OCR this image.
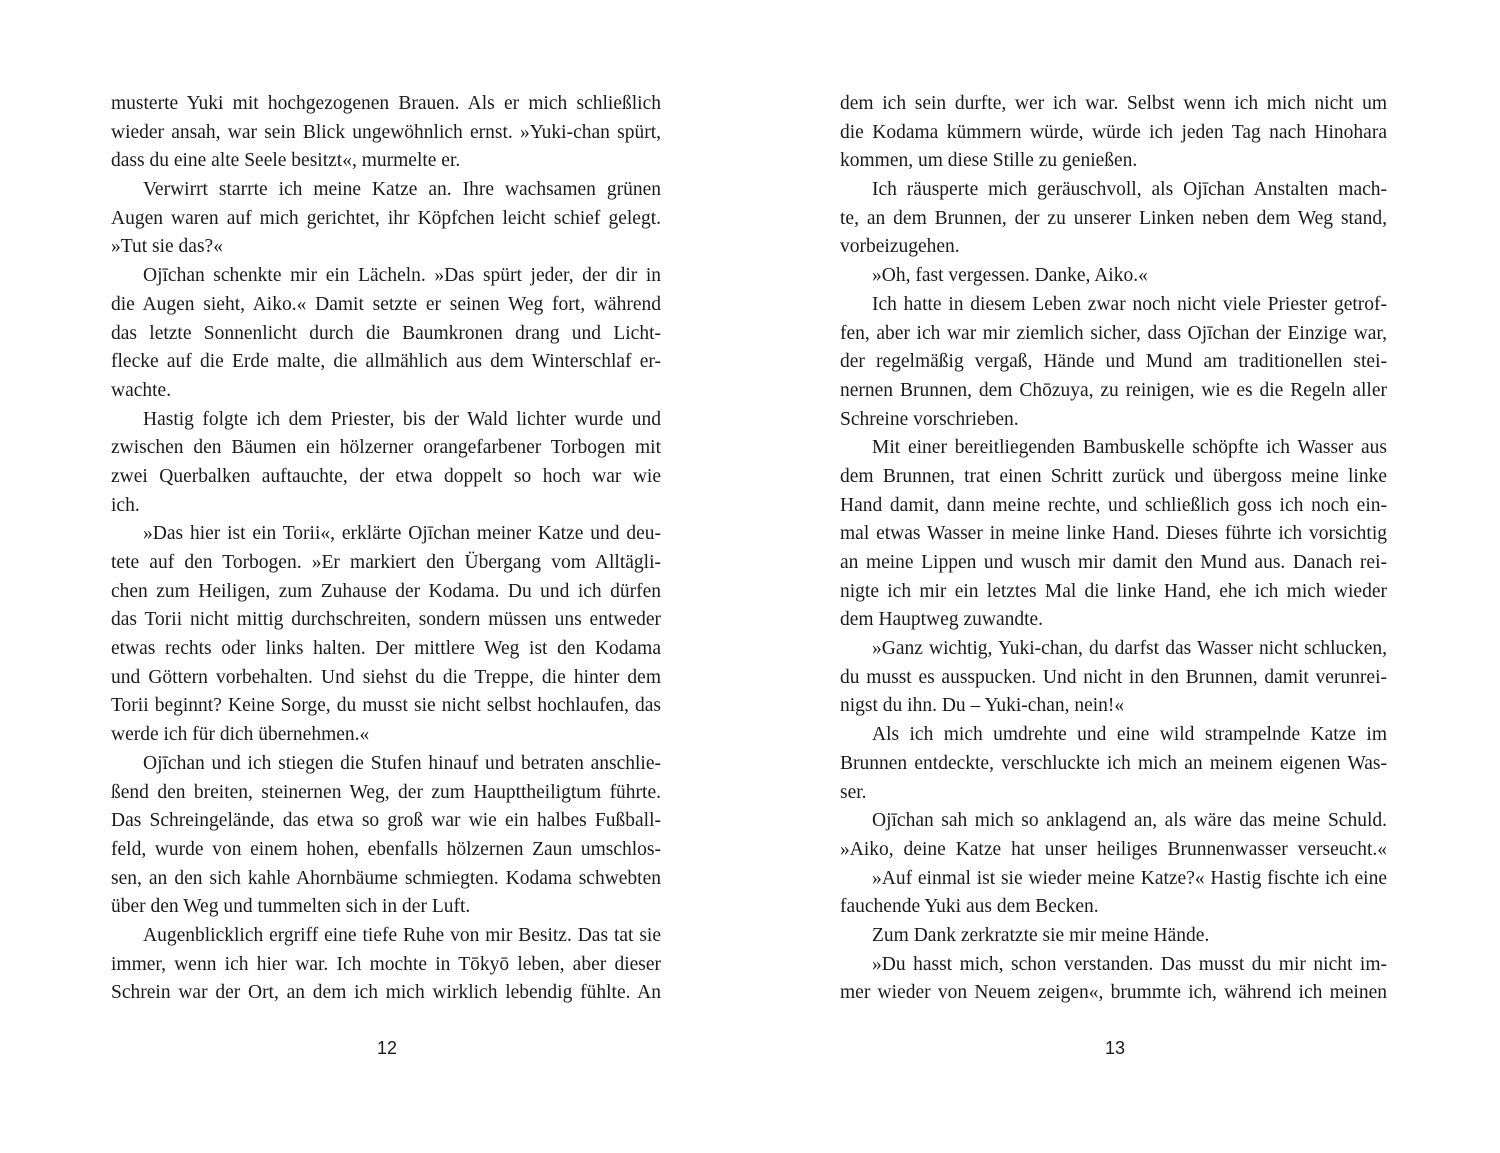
musterte Yuki mit hochgezogenen Brauen. Als er mich schließlich
wieder ansah, war sein Blick ungewöhnlich ernst. »Yuki-chan spürt,
dass du eine alte Seele besitzt«, murmelte er.
Verwirrt starrte ich meine Katze an. Ihre wachsamen grünen
Augen waren auf mich gerichtet, ihr Köpfchen leicht schief gelegt.
»Tut sie das?«
Ojīchan schenkte mir ein Lächeln. »Das spürt jeder, der dir in
die Augen sieht, Aiko.« Damit setzte er seinen Weg fort, während
das letzte Sonnenlicht durch die Baumkronen drang und Licht-
flecke auf die Erde malte, die allmählich aus dem Winterschlaf er-
wachte.
Hastig folgte ich dem Priester, bis der Wald lichter wurde und
zwischen den Bäumen ein hölzerner orangefarbener Torbogen mit
zwei Querbalken auftauchte, der etwa doppelt so hoch war wie
ich.
»Das hier ist ein Torii«, erklärte Ojīchan meiner Katze und deu-
tete auf den Torbogen. »Er markiert den Übergang vom Alltägli-
chen zum Heiligen, zum Zuhause der Kodama. Du und ich dürfen
das Torii nicht mittig durchschreiten, sondern müssen uns entweder
etwas rechts oder links halten. Der mittlere Weg ist den Kodama
und Göttern vorbehalten. Und siehst du die Treppe, die hinter dem
Torii beginnt? Keine Sorge, du musst sie nicht selbst hochlaufen, das
werde ich für dich übernehmen.«
Ojīchan und ich stiegen die Stufen hinauf und betraten anschlie-
ßend den breiten, steinernen Weg, der zum Haupttheiligtum führte.
Das Schreingelände, das etwa so groß war wie ein halbes Fußball-
feld, wurde von einem hohen, ebenfalls hölzernen Zaun umschlos-
sen, an den sich kahle Ahornbäume schmiegten. Kodama schwebten
über den Weg und tummelten sich in der Luft.
Augenblicklich ergriff eine tiefe Ruhe von mir Besitz. Das tat sie
immer, wenn ich hier war. Ich mochte in Tōkyō leben, aber dieser
Schrein war der Ort, an dem ich mich wirklich lebendig fühlte. An
12
dem ich sein durfte, wer ich war. Selbst wenn ich mich nicht um
die Kodama kümmern würde, würde ich jeden Tag nach Hinohara
kommen, um diese Stille zu genießen.
Ich räusperte mich geräuschvoll, als Ojīchan Anstalten mach-
te, an dem Brunnen, der zu unserer Linken neben dem Weg stand,
vorbeizugehen.
»Oh, fast vergessen. Danke, Aiko.«
Ich hatte in diesem Leben zwar noch nicht viele Priester getrof-
fen, aber ich war mir ziemlich sicher, dass Ojīchan der Einzige war,
der regelmäßig vergaß, Hände und Mund am traditionellen stei-
nernen Brunnen, dem Chōzuya, zu reinigen, wie es die Regeln aller
Schreine vorschrieben.
Mit einer bereitliegenden Bambuskelle schöpfte ich Wasser aus
dem Brunnen, trat einen Schritt zurück und übergoss meine linke
Hand damit, dann meine rechte, und schließlich goss ich noch ein-
mal etwas Wasser in meine linke Hand. Dieses führte ich vorsichtig
an meine Lippen und wusch mir damit den Mund aus. Danach rei-
nigte ich mir ein letztes Mal die linke Hand, ehe ich mich wieder
dem Hauptweg zuwandte.
»Ganz wichtig, Yuki-chan, du darfst das Wasser nicht schlucken,
du musst es ausspucken. Und nicht in den Brunnen, damit verunrei-
nigst du ihn. Du – Yuki-chan, nein!«
Als ich mich umdrehte und eine wild strampelnde Katze im
Brunnen entdeckte, verschluckte ich mich an meinem eigenen Was-
ser.
Ojīchan sah mich so anklagend an, als wäre das meine Schuld.
»Aiko, deine Katze hat unser heiliges Brunnenwasser verseucht.«
»Auf einmal ist sie wieder meine Katze?« Hastig fischte ich eine
fauchende Yuki aus dem Becken.
Zum Dank zerkratzte sie mir meine Hände.
»Du hasst mich, schon verstanden. Das musst du mir nicht im-
mer wieder von Neuem zeigen«, brummte ich, während ich meinen
13
